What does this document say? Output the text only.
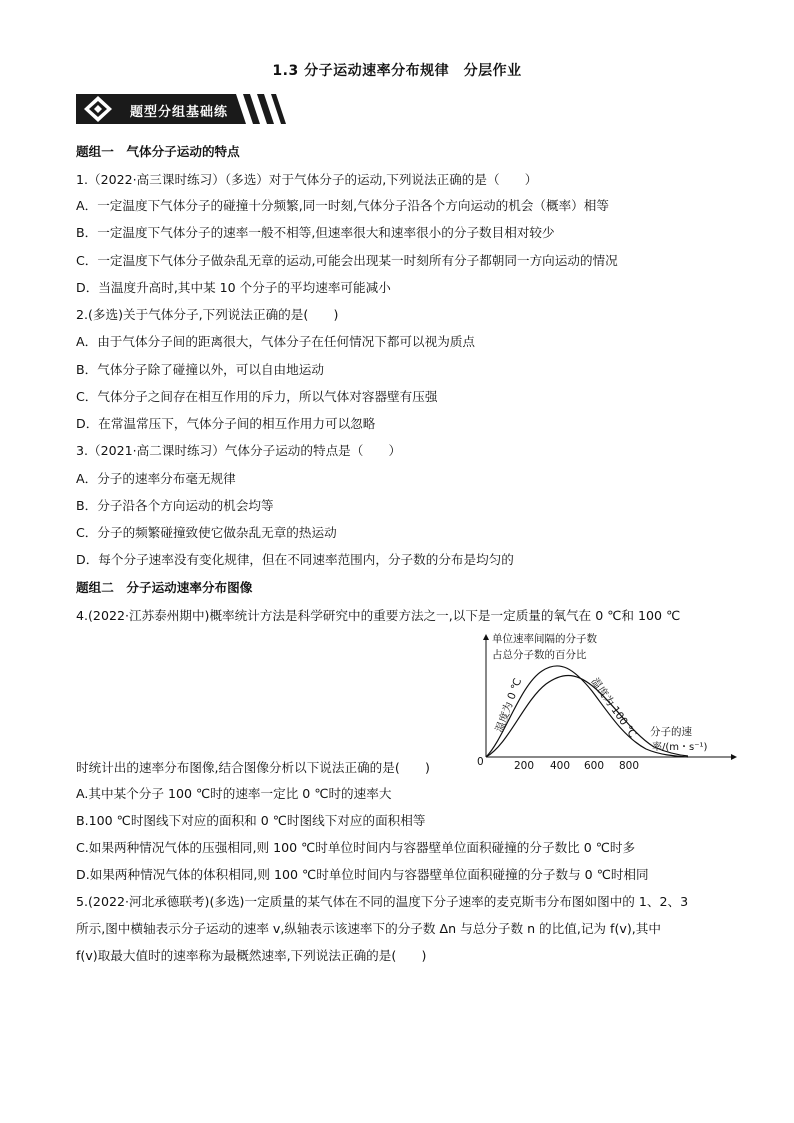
1.3 分子运动速率分布规律　分层作业
题型分组基础练
题组一　气体分子运动的特点
1.（2022·高三课时练习）（多选）对于气体分子的运动,下列说法正确的是（　　）
A．一定温度下气体分子的碰撞十分频繁,同一时刻,气体分子沿各个方向运动的机会（概率）相等
B．一定温度下气体分子的速率一般不相等,但速率很大和速率很小的分子数目相对较少
C．一定温度下气体分子做杂乱无章的运动,可能会出现某一时刻所有分子都朝同一方向运动的情况
D．当温度升高时,其中某 10 个分子的平均速率可能减小
2.(多选)关于气体分子,下列说法正确的是(　　)
A．由于气体分子间的距离很大，气体分子在任何情况下都可以视为质点
B．气体分子除了碰撞以外，可以自由地运动
C．气体分子之间存在相互作用的斥力，所以气体对容器壁有压强
D．在常温常压下，气体分子间的相互作用力可以忽略
3.（2021·高二课时练习）气体分子运动的特点是（　　）
A．分子的速率分布毫无规律
B．分子沿各个方向运动的机会均等
C．分子的频繁碰撞致使它做杂乱无章的热运动
D．每个分子速率没有变化规律，但在不同速率范围内，分子数的分布是均匀的
题组二　分子运动速率分布图像
4.(2022·江苏泰州期中)概率统计方法是科学研究中的重要方法之一,以下是一定质量的氧气在 0 ℃和 100 ℃
单位速率间隔的分子数
占总分子数的百分比
分子的速
率/(m・s⁻¹)
0	200 400 600 800
温度为 0 ℃	温度为 100 ℃
时统计出的速率分布图像,结合图像分析以下说法正确的是(　　)
A.其中某个分子 100 ℃时的速率一定比 0 ℃时的速率大
B.100 ℃时图线下对应的面积和 0 ℃时图线下对应的面积相等
C.如果两种情况气体的压强相同,则 100 ℃时单位时间内与容器壁单位面积碰撞的分子数比 0 ℃时多
D.如果两种情况气体的体积相同,则 100 ℃时单位时间内与容器壁单位面积碰撞的分子数与 0 ℃时相同
5.(2022·河北承德联考)(多选)一定质量的某气体在不同的温度下分子速率的麦克斯韦分布图如图中的 1、2、3
所示,图中横轴表示分子运动的速率 v,纵轴表示该速率下的分子数 Δn 与总分子数 n 的比值,记为 f(v),其中
f(v)取最大值时的速率称为最概然速率,下列说法正确的是(　　)
